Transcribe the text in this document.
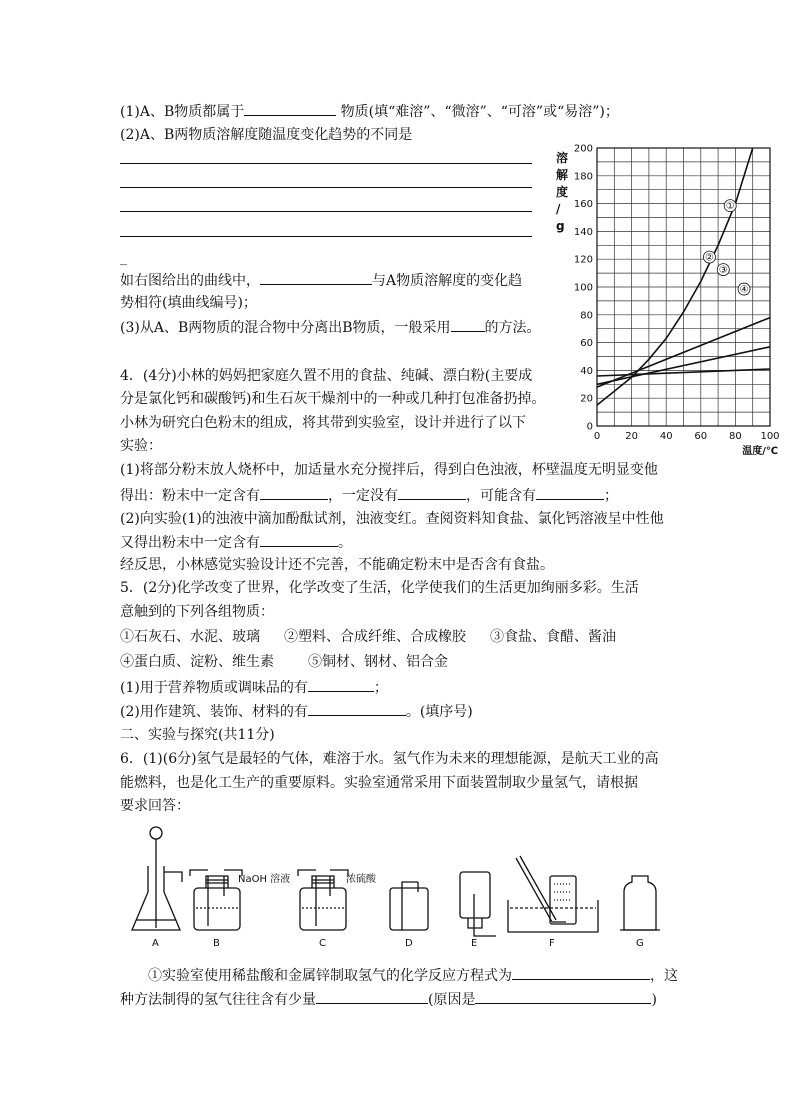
(1)A、B物质都属于	物质(填“难溶”、“微溶”、“可溶”或“易溶”)；
(2)A、B两物质溶解度随温度变化趋势的不同是
_
如右图给出的曲线中，	与A物质溶解度的变化趋
势相符(填曲线编号)；
(3)从A、B两物质的混合物中分离出B物质，一般采用 的方法。
0
20
40
60
80
100
120
140
160
180
200
0	20 40 60 80 100
温度/℃
溶
解
度
/
g
①
②
③
④
4．(4分)小林的妈妈把家庭久置不用的食盐、纯碱、漂白粉(主要成
分是氯化钙和碳酸钙)和生石灰干燥剂中的一种或几种打包准备扔掉。
小林为研究白色粉末的组成，将其带到实验室，设计并进行了以下
实验：
(1)将部分粉末放人烧杯中，加适量水充分搅拌后，得到白色浊液，杯壁温度无明显变他
得出：粉末中一定含有	，一定没有	，可能含有	；
(2)向实验(1)的浊液中滴加酚酞试剂，浊液变红。查阅资料知食盐、氯化钙溶液呈中性他
又得出粉末中一定含有	。
经反思，小林感觉实验设计还不完善，不能确定粉末中是否含有食盐。
5．(2分)化学改变了世界，化学改变了生活，化学使我们的生活更加绚丽多彩。生活
意触到的下列各组物质：
①石灰石、水泥、玻璃 ②塑料、合成纤维、合成橡胶 ③食盐、食醋、酱油
④蛋白质、淀粉、维生素 ⑤铜材、钢材、铝合金
(1)用于营养物质或调味品的有	；
(2)用作建筑、装饰、材料的有	。(填序号)
二、实验与探究(共11分)
6．(1)(6分)氢气是最轻的气体，难溶于水。氢气作为未来的理想能源，是航天工业的高
能燃料，也是化工生产的重要原料。实验室通常采用下面装置制取少量氢气，请根据
要求回答：
NaOH 溶液	浓硫酸
A	B	C	D	E	F	G
①实验室使用稀盐酸和金属锌制取氢气的化学反应方程式为	，这
种方法制得的氢气往往含有少量	(原因是	)
